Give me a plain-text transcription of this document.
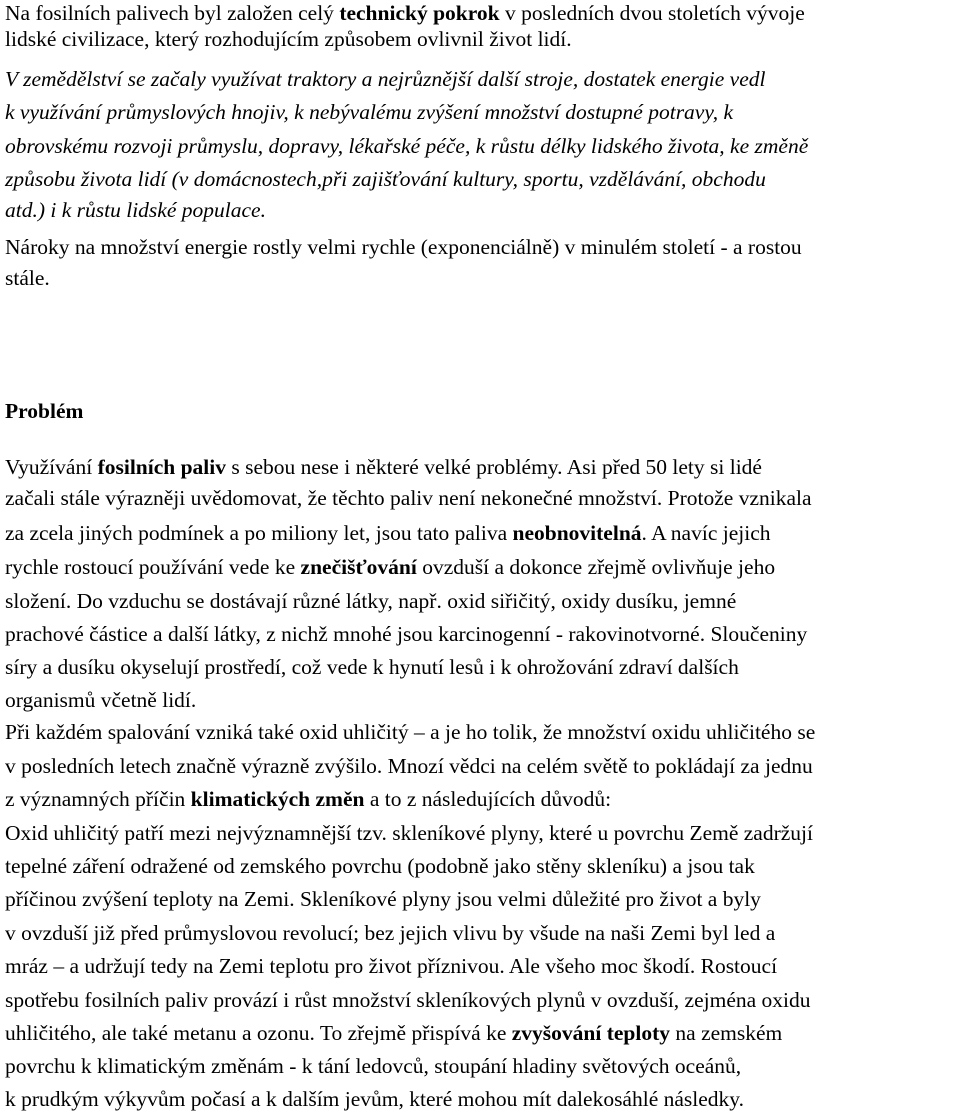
Na fosilních palivech byl založen celý technický pokrok v posledních dvou stoletích vývoje

lidské civilizace, který rozhodujícím způsobem ovlivnil život lidí.

V zemědělství se začaly využívat traktory a nejrůznější další stroje, dostatek energie vedl

k využívání průmyslových hnojiv, k nebývalému zvýšení množství dostupné potravy, k

obrovskému rozvoji průmyslu, dopravy, lékařské péče, k růstu délky lidského života, ke změně

způsobu života lidí (v domácnostech,při zajišťování kultury, sportu, vzdělávání, obchodu

atd.) i k růstu lidské populace.

Nároky na množství energie rostly velmi rychle (exponenciálně) v minulém století - a rostou

stále.

Problém

Využívání fosilních paliv s sebou nese i některé velké problémy. Asi před 50 lety si lidé

začali stále výrazněji uvědomovat, že těchto paliv není nekonečné množství. Protože vznikala

za zcela jiných podmínek a po miliony let, jsou tato paliva neobnovitelná. A navíc jejich

rychle rostoucí používání vede ke znečišťování ovzduší a dokonce zřejmě ovlivňuje jeho

složení. Do vzduchu se dostávají různé látky, např. oxid siřičitý, oxidy dusíku, jemné

prachové částice a další látky, z nichž mnohé jsou karcinogenní - rakovinotvorné. Sloučeniny

síry a dusíku okyselují prostředí, což vede k hynutí lesů i k ohrožování zdraví dalších

organismů včetně lidí.

Při každém spalování vzniká také oxid uhličitý – a je ho tolik, že množství oxidu uhličitého se

v posledních letech značně výrazně zvýšilo. Mnozí vědci na celém světě to pokládají za jednu

z významných příčin klimatických změn a to z následujících důvodů:

Oxid uhličitý patří mezi nejvýznamnější tzv. skleníkové plyny, které u povrchu Země zadržují

tepelné záření odražené od zemského povrchu (podobně jako stěny skleníku) a jsou tak

příčinou zvýšení teploty na Zemi. Skleníkové plyny jsou velmi důležité pro život a byly

v ovzduší již před průmyslovou revolucí; bez jejich vlivu by všude na naši Zemi byl led a

mráz – a udržují tedy na Zemi teplotu pro život příznivou. Ale všeho moc škodí. Rostoucí

spotřebu fosilních paliv provází i růst množství skleníkových plynů v ovzduší, zejména oxidu

uhličitého, ale také metanu a ozonu. To zřejmě přispívá ke zvyšování teploty na zemském

povrchu k klimatickým změnám - k tání ledovců, stoupání hladiny světových oceánů,

k prudkým výkyvům počasí a k dalším jevům, které mohou mít dalekosáhlé následky.
